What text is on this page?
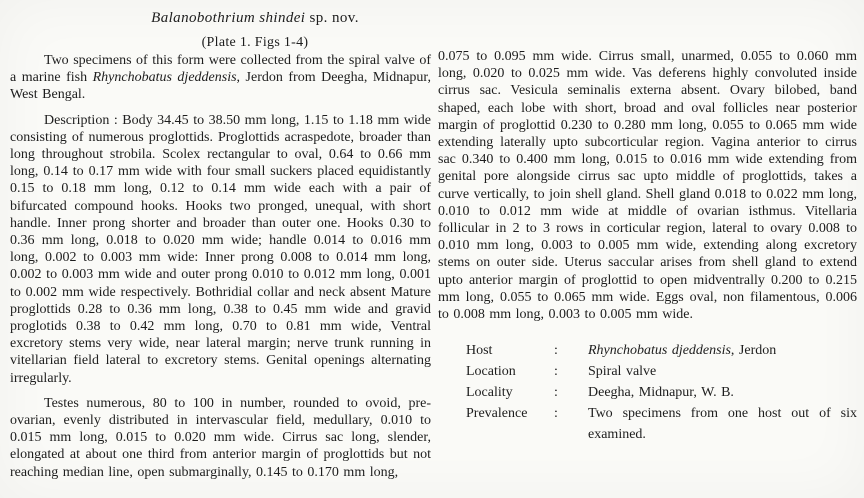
Balanobothrium shindei sp. nov.
(Plate 1. Figs 1-4)

Two specimens of this form were collected from the spiral valve of a marine fish Rhynchobatus djeddensis, Jerdon from Deegha, Midnapur, West Bengal.

Description : Body 34.45 to 38.50 mm long, 1.15 to 1.18 mm wide consisting of numerous proglottids. Proglottids acraspedote, broader than long throughout strobila. Scolex rectangular to oval, 0.64 to 0.66 mm long, 0.14 to 0.17 mm wide with four small suckers placed equidistantly 0.15 to 0.18 mm long, 0.12 to 0.14 mm wide each with a pair of bifurcated compound hooks. Hooks two pronged, unequal, with short handle. Inner prong shorter and broader than outer one. Hooks 0.30 to 0.36 mm long, 0.018 to 0.020 mm wide; handle 0.014 to 0.016 mm long, 0.002 to 0.003 mm wide: Inner prong 0.008 to 0.014 mm long, 0.002 to 0.003 mm wide and outer prong 0.010 to 0.012 mm long, 0.001 to 0.002 mm wide respectively. Bothridial collar and neck absent Mature proglottids 0.28 to 0.36 mm long, 0.38 to 0.45 mm wide and gravid proglotids 0.38 to 0.42 mm long, 0.70 to 0.81 mm wide, Ventral excretory stems very wide, near lateral margin; nerve trunk running in vitellarian field lateral to excretory stems. Genital openings alternating irregularly.

Testes numerous, 80 to 100 in number, rounded to ovoid, pre-ovarian, evenly distributed in intervascular field, medullary, 0.010 to 0.015 mm long, 0.015 to 0.020 mm wide. Cirrus sac long, slender, elongated at about one third from anterior margin of proglottids but not reaching median line, open submarginally, 0.145 to 0.170 mm long,

0.075 to 0.095 mm wide. Cirrus small, unarmed, 0.055 to 0.060 mm long, 0.020 to 0.025 mm wide. Vas deferens highly convoluted inside cirrus sac. Vesicula seminalis externa absent. Ovary bilobed, band shaped, each lobe with short, broad and oval follicles near posterior margin of proglottid 0.230 to 0.280 mm long, 0.055 to 0.065 mm wide extending laterally upto subcorticular region. Vagina anterior to cirrus sac 0.340 to 0.400 mm long, 0.015 to 0.016 mm wide extending from genital pore alongside cirrus sac upto middle of proglottids, takes a curve vertically, to join shell gland. Shell gland 0.018 to 0.022 mm long, 0.010 to 0.012 mm wide at middle of ovarian isthmus. Vitellaria follicular in 2 to 3 rows in corticular region, lateral to ovary 0.008 to 0.010 mm long, 0.003 to 0.005 mm wide, extending along excretory stems on outer side. Uterus saccular arises from shell gland to extend upto anterior margin of proglottid to open midventrally 0.200 to 0.215 mm long, 0.055 to 0.065 mm wide. Eggs oval, non filamentous, 0.006 to 0.008 mm long, 0.003 to 0.005 mm wide.

Host	:	Rhynchobatus djeddensis, Jerdon
Location	:	Spiral valve
Locality	:	Deegha, Midnapur, W. B.
Prevalence	:	Two specimens from one host out of six examined.
